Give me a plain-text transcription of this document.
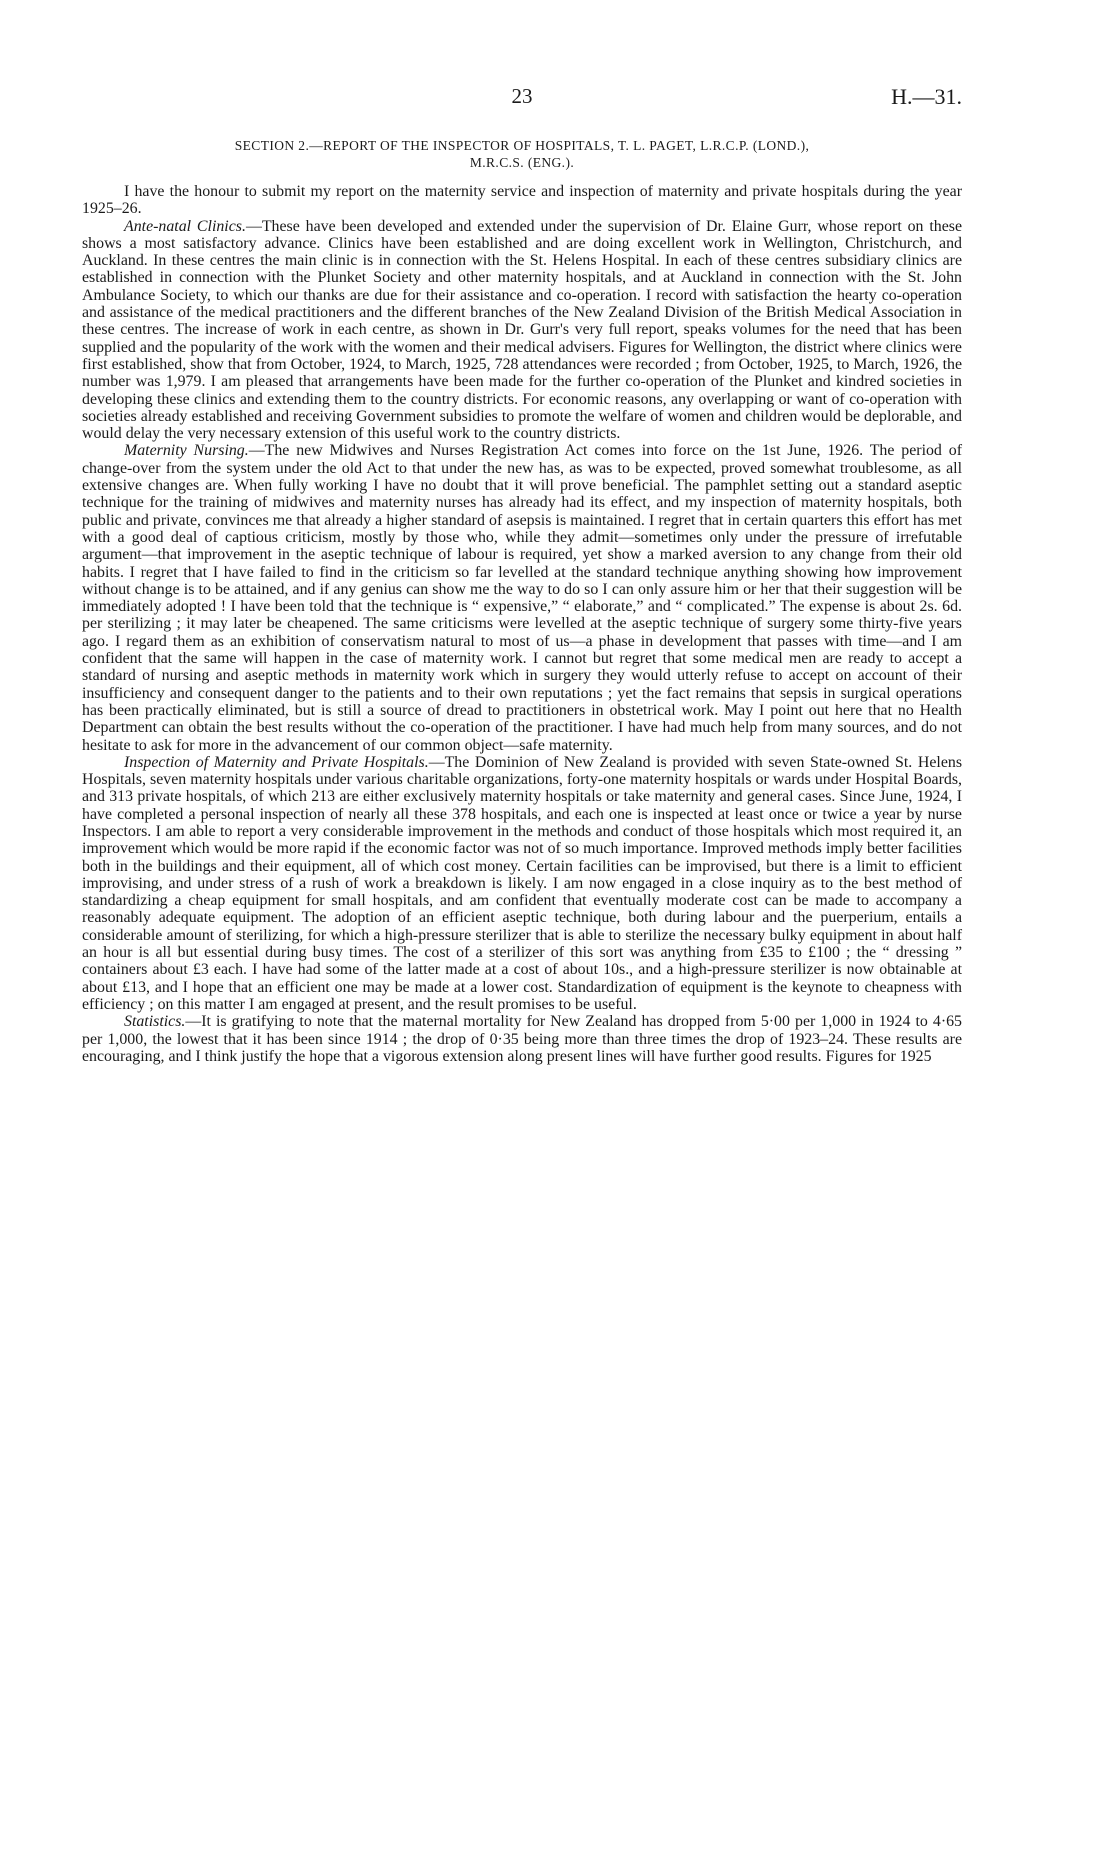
23	H.—31.
SECTION 2.—REPORT OF THE INSPECTOR OF HOSPITALS, T. L. PAGET, L.R.C.P. (LOND.),
M.R.C.S. (ENG.).

I have the honour to submit my report on the maternity service and inspection of maternity and private hospitals during the year 1925–26.

Ante-natal Clinics.—These have been developed and extended under the supervision of Dr. Elaine Gurr, whose report on these shows a most satisfactory advance. Clinics have been established and are doing excellent work in Wellington, Christchurch, and Auckland. In these centres the main clinic is in connection with the St. Helens Hospital. In each of these centres subsidiary clinics are established in connection with the Plunket Society and other maternity hospitals, and at Auckland in connection with the St. John Ambulance Society, to which our thanks are due for their assistance and co-operation. I record with satisfaction the hearty co-operation and assistance of the medical practitioners and the different branches of the New Zealand Division of the British Medical Association in these centres. The increase of work in each centre, as shown in Dr. Gurr's very full report, speaks volumes for the need that has been supplied and the popularity of the work with the women and their medical advisers. Figures for Wellington, the district where clinics were first established, show that from October, 1924, to March, 1925, 728 attendances were recorded ; from October, 1925, to March, 1926, the number was 1,979. I am pleased that arrangements have been made for the further co-operation of the Plunket and kindred societies in developing these clinics and extending them to the country districts. For economic reasons, any overlapping or want of co-operation with societies already established and receiving Government subsidies to promote the welfare of women and children would be deplorable, and would delay the very necessary extension of this useful work to the country districts.

Maternity Nursing.—The new Midwives and Nurses Registration Act comes into force on the 1st June, 1926. The period of change-over from the system under the old Act to that under the new has, as was to be expected, proved somewhat troublesome, as all extensive changes are. When fully working I have no doubt that it will prove beneficial. The pamphlet setting out a standard aseptic technique for the training of midwives and maternity nurses has already had its effect, and my inspection of maternity hospitals, both public and private, convinces me that already a higher standard of asepsis is maintained. I regret that in certain quarters this effort has met with a good deal of captious criticism, mostly by those who, while they admit—sometimes only under the pressure of irrefutable argument—that improvement in the aseptic technique of labour is required, yet show a marked aversion to any change from their old habits. I regret that I have failed to find in the criticism so far levelled at the standard technique anything showing how improvement without change is to be attained, and if any genius can show me the way to do so I can only assure him or her that their suggestion will be immediately adopted ! I have been told that the technique is “ expensive,” “ elaborate,” and “ complicated.” The expense is about 2s. 6d. per sterilizing ; it may later be cheapened. The same criticisms were levelled at the aseptic technique of surgery some thirty-five years ago. I regard them as an exhibition of conservatism natural to most of us—a phase in development that passes with time—and I am confident that the same will happen in the case of maternity work. I cannot but regret that some medical men are ready to accept a standard of nursing and aseptic methods in maternity work which in surgery they would utterly refuse to accept on account of their insufficiency and consequent danger to the patients and to their own reputations ; yet the fact remains that sepsis in surgical operations has been practically eliminated, but is still a source of dread to practitioners in obstetrical work. May I point out here that no Health Department can obtain the best results without the co-operation of the practitioner. I have had much help from many sources, and do not hesitate to ask for more in the advancement of our common object—safe maternity.

Inspection of Maternity and Private Hospitals.—The Dominion of New Zealand is provided with seven State-owned St. Helens Hospitals, seven maternity hospitals under various charitable organizations, forty-one maternity hospitals or wards under Hospital Boards, and 313 private hospitals, of which 213 are either exclusively maternity hospitals or take maternity and general cases. Since June, 1924, I have completed a personal inspection of nearly all these 378 hospitals, and each one is inspected at least once or twice a year by nurse Inspectors. I am able to report a very considerable improvement in the methods and conduct of those hospitals which most required it, an improvement which would be more rapid if the economic factor was not of so much importance. Improved methods imply better facilities both in the buildings and their equipment, all of which cost money. Certain facilities can be improvised, but there is a limit to efficient improvising, and under stress of a rush of work a breakdown is likely. I am now engaged in a close inquiry as to the best method of standardizing a cheap equipment for small hospitals, and am confident that eventually moderate cost can be made to accompany a reasonably adequate equipment. The adoption of an efficient aseptic technique, both during labour and the puerperium, entails a considerable amount of sterilizing, for which a high-pressure sterilizer that is able to sterilize the necessary bulky equipment in about half an hour is all but essential during busy times. The cost of a sterilizer of this sort was anything from £35 to £100 ; the “ dressing ” containers about £3 each. I have had some of the latter made at a cost of about 10s., and a high-pressure sterilizer is now obtainable at about £13, and I hope that an efficient one may be made at a lower cost. Standardization of equipment is the keynote to cheapness with efficiency ; on this matter I am engaged at present, and the result promises to be useful.

Statistics.—It is gratifying to note that the maternal mortality for New Zealand has dropped from 5·00 per 1,000 in 1924 to 4·65 per 1,000, the lowest that it has been since 1914 ; the drop of 0·35 being more than three times the drop of 1923–24. These results are encouraging, and I think justify the hope that a vigorous extension along present lines will have further good results. Figures for 1925
